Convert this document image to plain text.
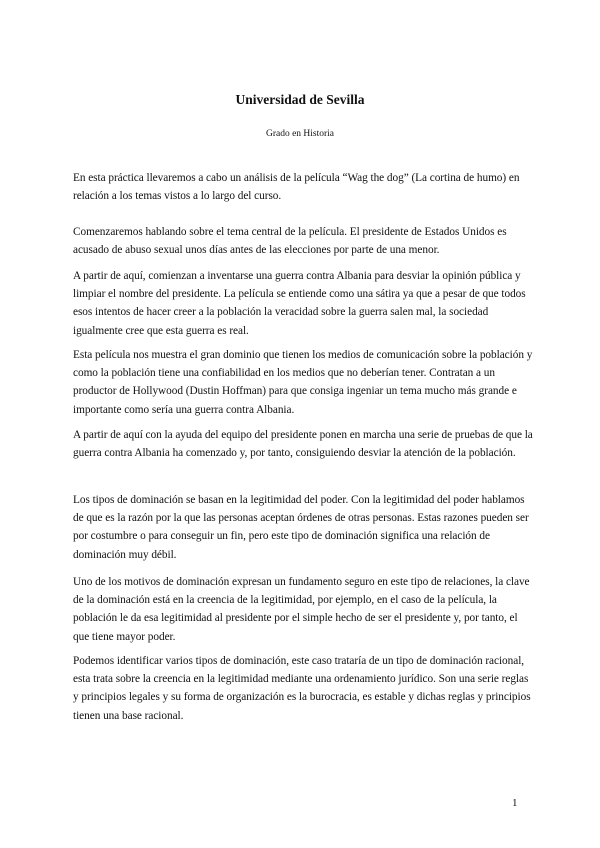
Universidad de Sevilla

Grado en Historia

En esta práctica llevaremos a cabo un análisis de la película “Wag the dog” (La cortina de humo) en relación a los temas vistos a lo largo del curso.

Comenzaremos hablando sobre el tema central de la película. El presidente de Estados Unidos es acusado de abuso sexual unos días antes de las elecciones por parte de una menor.

A partir de aquí, comienzan a inventarse una guerra contra Albania para desviar la opinión pública y limpiar el nombre del presidente. La película se entiende como una sátira ya que a pesar de que todos esos intentos de hacer creer a la población la veracidad sobre la guerra salen mal, la sociedad igualmente cree que esta guerra es real.

Esta película nos muestra el gran dominio que tienen los medios de comunicación sobre la población y como la población tiene una confiabilidad en los medios que no deberían tener. Contratan a un productor de Hollywood (Dustin Hoffman) para que consiga ingeniar un tema mucho más grande e importante como sería una guerra contra Albania.

A partir de aquí con la ayuda del equipo del presidente ponen en marcha una serie de pruebas de que la guerra contra Albania ha comenzado y, por tanto, consiguiendo desviar la atención de la población.

Los tipos de dominación se basan en la legitimidad del poder. Con la legitimidad del poder hablamos de que es la razón por la que las personas aceptan órdenes de otras personas. Estas razones pueden ser por costumbre o para conseguir un fin, pero este tipo de dominación significa una relación de dominación muy débil.

Uno de los motivos de dominación expresan un fundamento seguro en este tipo de relaciones, la clave de la dominación está en la creencia de la legitimidad, por ejemplo, en el caso de la película, la población le da esa legitimidad al presidente por el simple hecho de ser el presidente y, por tanto, el que tiene mayor poder.

Podemos identificar varios tipos de dominación, este caso trataría de un tipo de dominación racional, esta trata sobre la creencia en la legitimidad mediante una ordenamiento jurídico. Son una serie reglas y principios legales y su forma de organización es la burocracia, es estable y dichas reglas y principios tienen una base racional.

1
